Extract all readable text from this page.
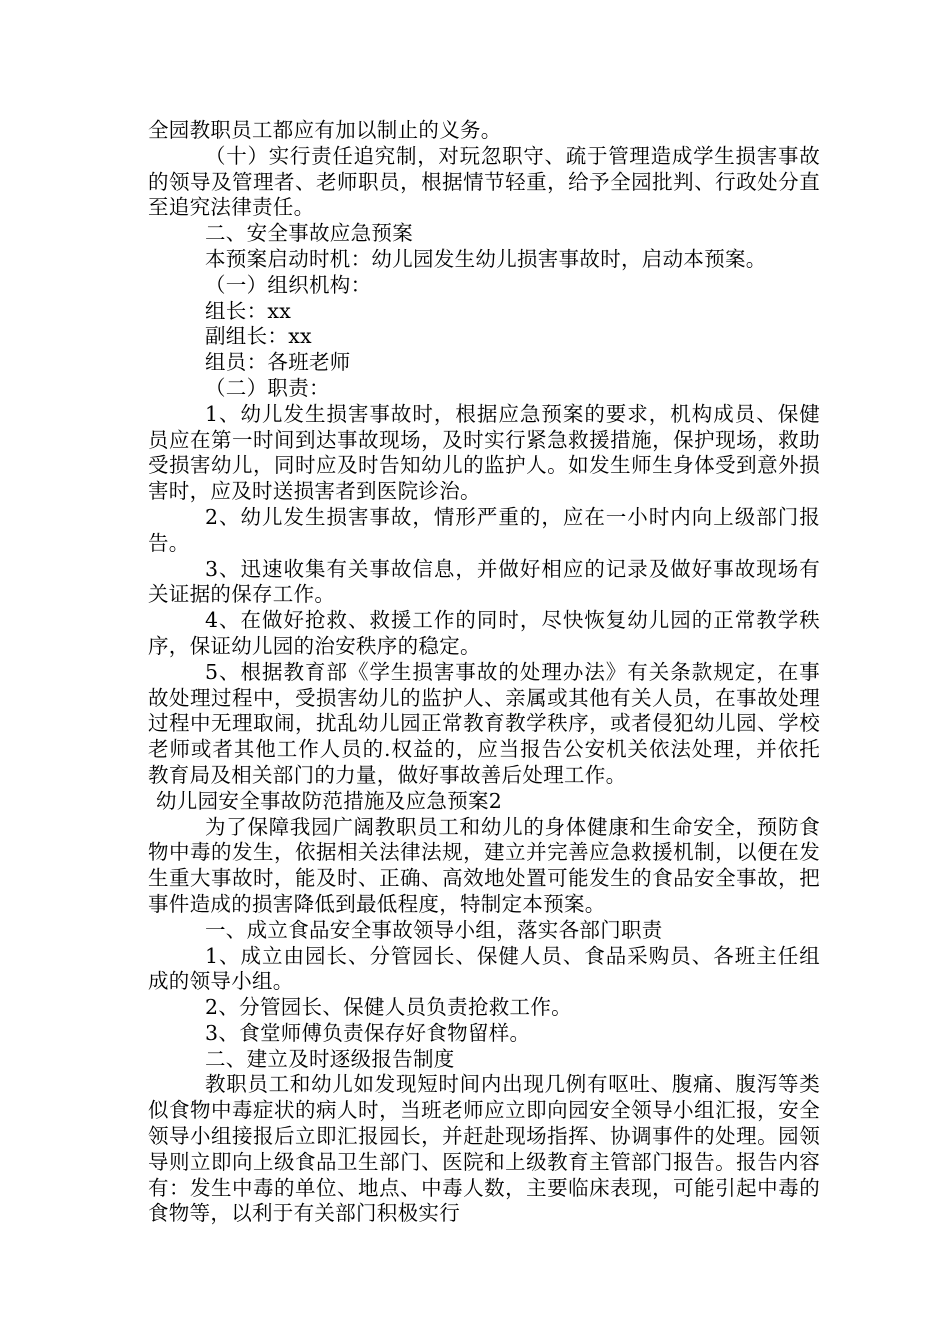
全园教职员工都应有加以制止的义务。

（十）实行责任追究制，对玩忽职守、疏于管理造成学生损害事故的领导及管理者、老师职员，根据情节轻重，给予全园批判、行政处分直至追究法律责任。

二、安全事故应急预案

本预案启动时机：幼儿园发生幼儿损害事故时，启动本预案。

（一）组织机构：

组长：xx

副组长：xx

组员：各班老师

（二）职责：

1、幼儿发生损害事故时，根据应急预案的要求，机构成员、保健员应在第一时间到达事故现场，及时实行紧急救援措施，保护现场，救助受损害幼儿，同时应及时告知幼儿的监护人。如发生师生身体受到意外损害时，应及时送损害者到医院诊治。

2、幼儿发生损害事故，情形严重的，应在一小时内向上级部门报告。

3、迅速收集有关事故信息，并做好相应的记录及做好事故现场有关证据的保存工作。

4、在做好抢救、救援工作的同时，尽快恢复幼儿园的正常教学秩序，保证幼儿园的治安秩序的稳定。

5、根据教育部《学生损害事故的处理办法》有关条款规定，在事故处理过程中，受损害幼儿的监护人、亲属或其他有关人员，在事故处理过程中无理取闹，扰乱幼儿园正常教育教学秩序，或者侵犯幼儿园、学校老师或者其他工作人员的.权益的，应当报告公安机关依法处理，并依托教育局及相关部门的力量，做好事故善后处理工作。

幼儿园安全事故防范措施及应急预案2

为了保障我园广阔教职员工和幼儿的身体健康和生命安全，预防食物中毒的发生，依据相关法律法规，建立并完善应急救援机制，以便在发生重大事故时，能及时、正确、高效地处置可能发生的食品安全事故，把事件造成的损害降低到最低程度，特制定本预案。

一、成立食品安全事故领导小组，落实各部门职责

1、成立由园长、分管园长、保健人员、食品采购员、各班主任组成的领导小组。

2、分管园长、保健人员负责抢救工作。

3、食堂师傅负责保存好食物留样。

二、建立及时逐级报告制度

教职员工和幼儿如发现短时间内出现几例有呕吐、腹痛、腹泻等类似食物中毒症状的病人时，当班老师应立即向园安全领导小组汇报，安全领导小组接报后立即汇报园长，并赶赴现场指挥、协调事件的处理。园领导则立即向上级食品卫生部门、医院和上级教育主管部门报告。报告内容有：发生中毒的单位、地点、中毒人数，主要临床表现，可能引起中毒的食物等，以利于有关部门积极实行
